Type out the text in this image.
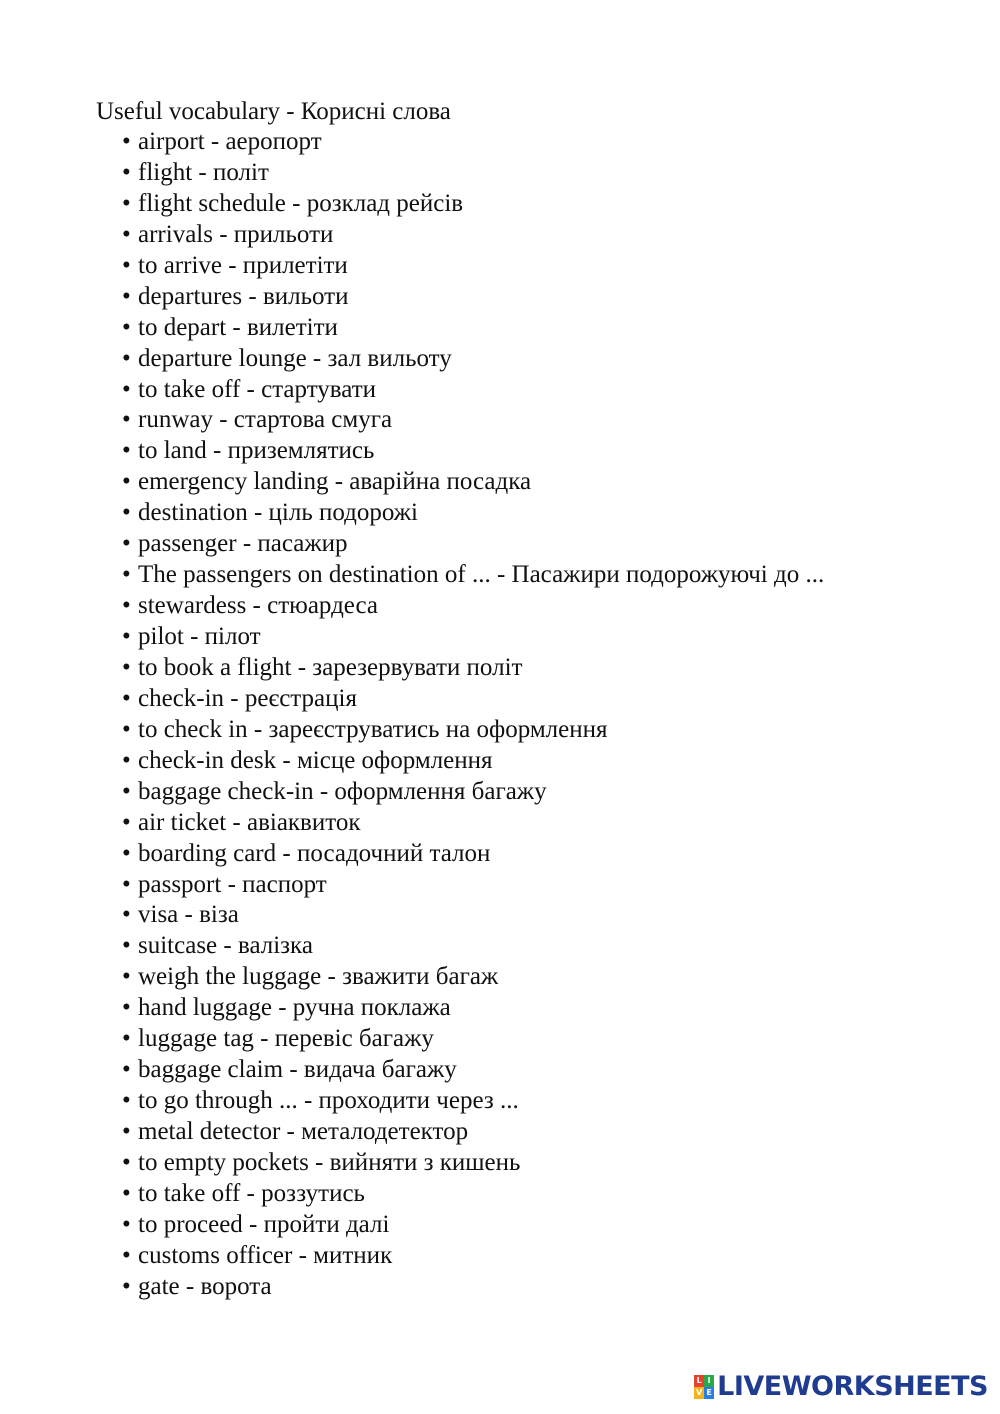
Useful vocabulary - Корисні слова
• airport - аеропорт
• flight - політ
• flight schedule - розклад рейсів
• arrivals - прильоти
• to arrive - прилетіти
• departures - вильоти
• to depart - вилетіти
• departure lounge - зал вильоту
• to take off - стартувати
• runway - стартова смуга
• to land - приземлятись
• emergency landing - аварійна посадка
• destination - ціль подорожі
• passenger - пасажир
• The passengers on destination of ... - Пасажири подорожуючі до ...
• stewardess - стюардеса
• pilot - пілот
• to book a flight - зарезервувати політ
• check-in - реєстрація
• to check in - зареєструватись на оформлення
• check-in desk - місце оформлення
• baggage check-in - оформлення багажу
• air ticket - авіаквиток
• boarding card - посадочний талон
• passport - паспорт
• visa - віза
• suitcase - валізка
• weigh the luggage - зважити багаж
• hand luggage - ручна поклажа
• luggage tag - перевіс багажу
• baggage claim - видача багажу
• to go through ... - проходити через ...
• metal detector - металодетектор
• to empty pockets - вийняти з кишень
• to take off - роззутись
• to proceed - пройти далі
• customs officer - митник
• gate - ворота
L I
V E LIVEWORKSHEETS
